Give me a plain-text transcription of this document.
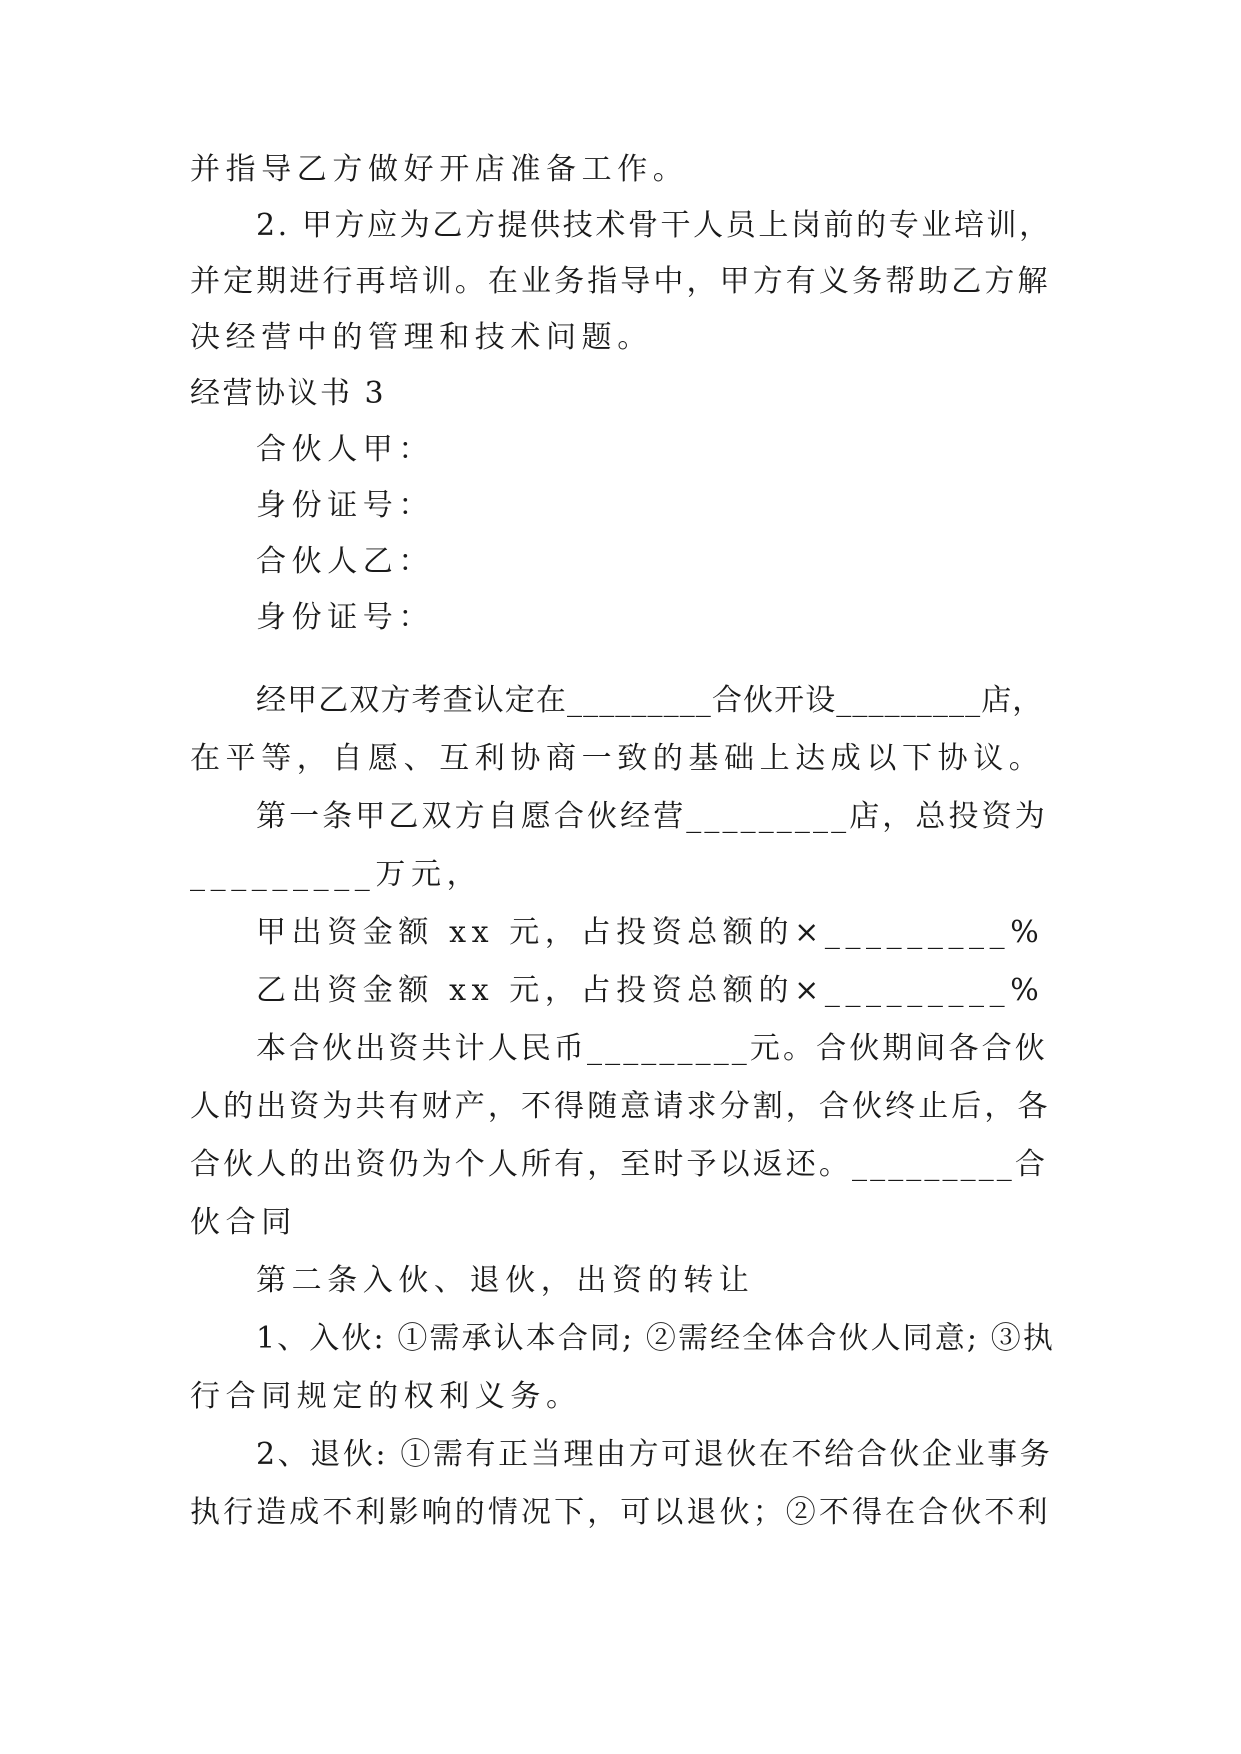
并指导乙方做好开店准备工作。
2. 甲方应为乙方提供技术骨干人员上岗前的专业培训，
并定期进行再培训。在业务指导中，甲方有义务帮助乙方解
决经营中的管理和技术问题。
经营协议书 3
合伙人甲：
身份证号：
合伙人乙：
身份证号：
经甲乙双方考查认定在_________合伙开设_________店，
在平等，自愿、互利协商一致的基础上达成以下协议。
第一条甲乙双方自愿合伙经营_________店，总投资为
_________万元，
甲出资金额 xx 元，占投资总额的×_________%
乙出资金额 xx 元，占投资总额的×_________%
本合伙出资共计人民币_________元。合伙期间各合伙
人的出资为共有财产，不得随意请求分割，合伙终止后，各
合伙人的出资仍为个人所有，至时予以返还。_________合
伙合同
第二条入伙、退伙，出资的转让
1、入伙: ①需承认本合同; ②需经全体合伙人同意; ③执
行合同规定的权利义务。
2、退伙: ①需有正当理由方可退伙在不给合伙企业事务
执行造成不利影响的情况下，可以退伙；②不得在合伙不利
